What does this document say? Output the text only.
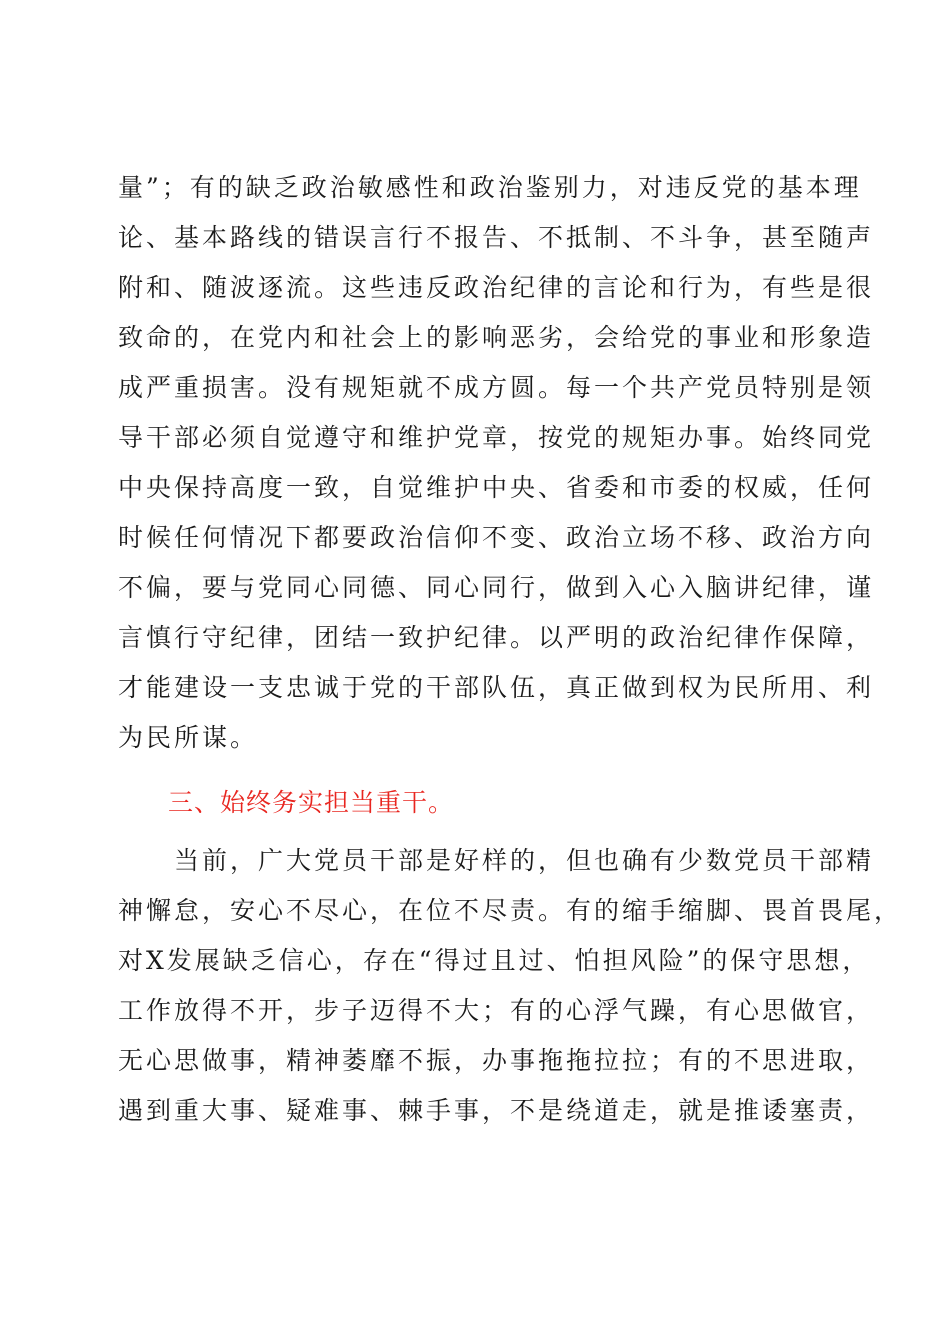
量”；有的缺乏政治敏感性和政治鉴别力，对违反党的基本理
论、基本路线的错误言行不报告、不抵制、不斗争，甚至随声
附和、随波逐流。这些违反政治纪律的言论和行为，有些是很
致命的，在党内和社会上的影响恶劣，会给党的事业和形象造
成严重损害。没有规矩就不成方圆。每一个共产党员特别是领
导干部必须自觉遵守和维护党章，按党的规矩办事。始终同党
中央保持高度一致，自觉维护中央、省委和市委的权威，任何
时候任何情况下都要政治信仰不变、政治立场不移、政治方向
不偏，要与党同心同德、同心同行，做到入心入脑讲纪律，谨
言慎行守纪律，团结一致护纪律。以严明的政治纪律作保障，
才能建设一支忠诚于党的干部队伍，真正做到权为民所用、利
为民所谋。
三、始终务实担当重干。
　　当前，广大党员干部是好样的，但也确有少数党员干部精
神懈怠，安心不尽心，在位不尽责。有的缩手缩脚、畏首畏尾，
对X发展缺乏信心，存在“得过且过、怕担风险”的保守思想，
工作放得不开，步子迈得不大；有的心浮气躁，有心思做官，
无心思做事，精神萎靡不振，办事拖拖拉拉；有的不思进取，
遇到重大事、疑难事、棘手事，不是绕道走，就是推诿塞责，
